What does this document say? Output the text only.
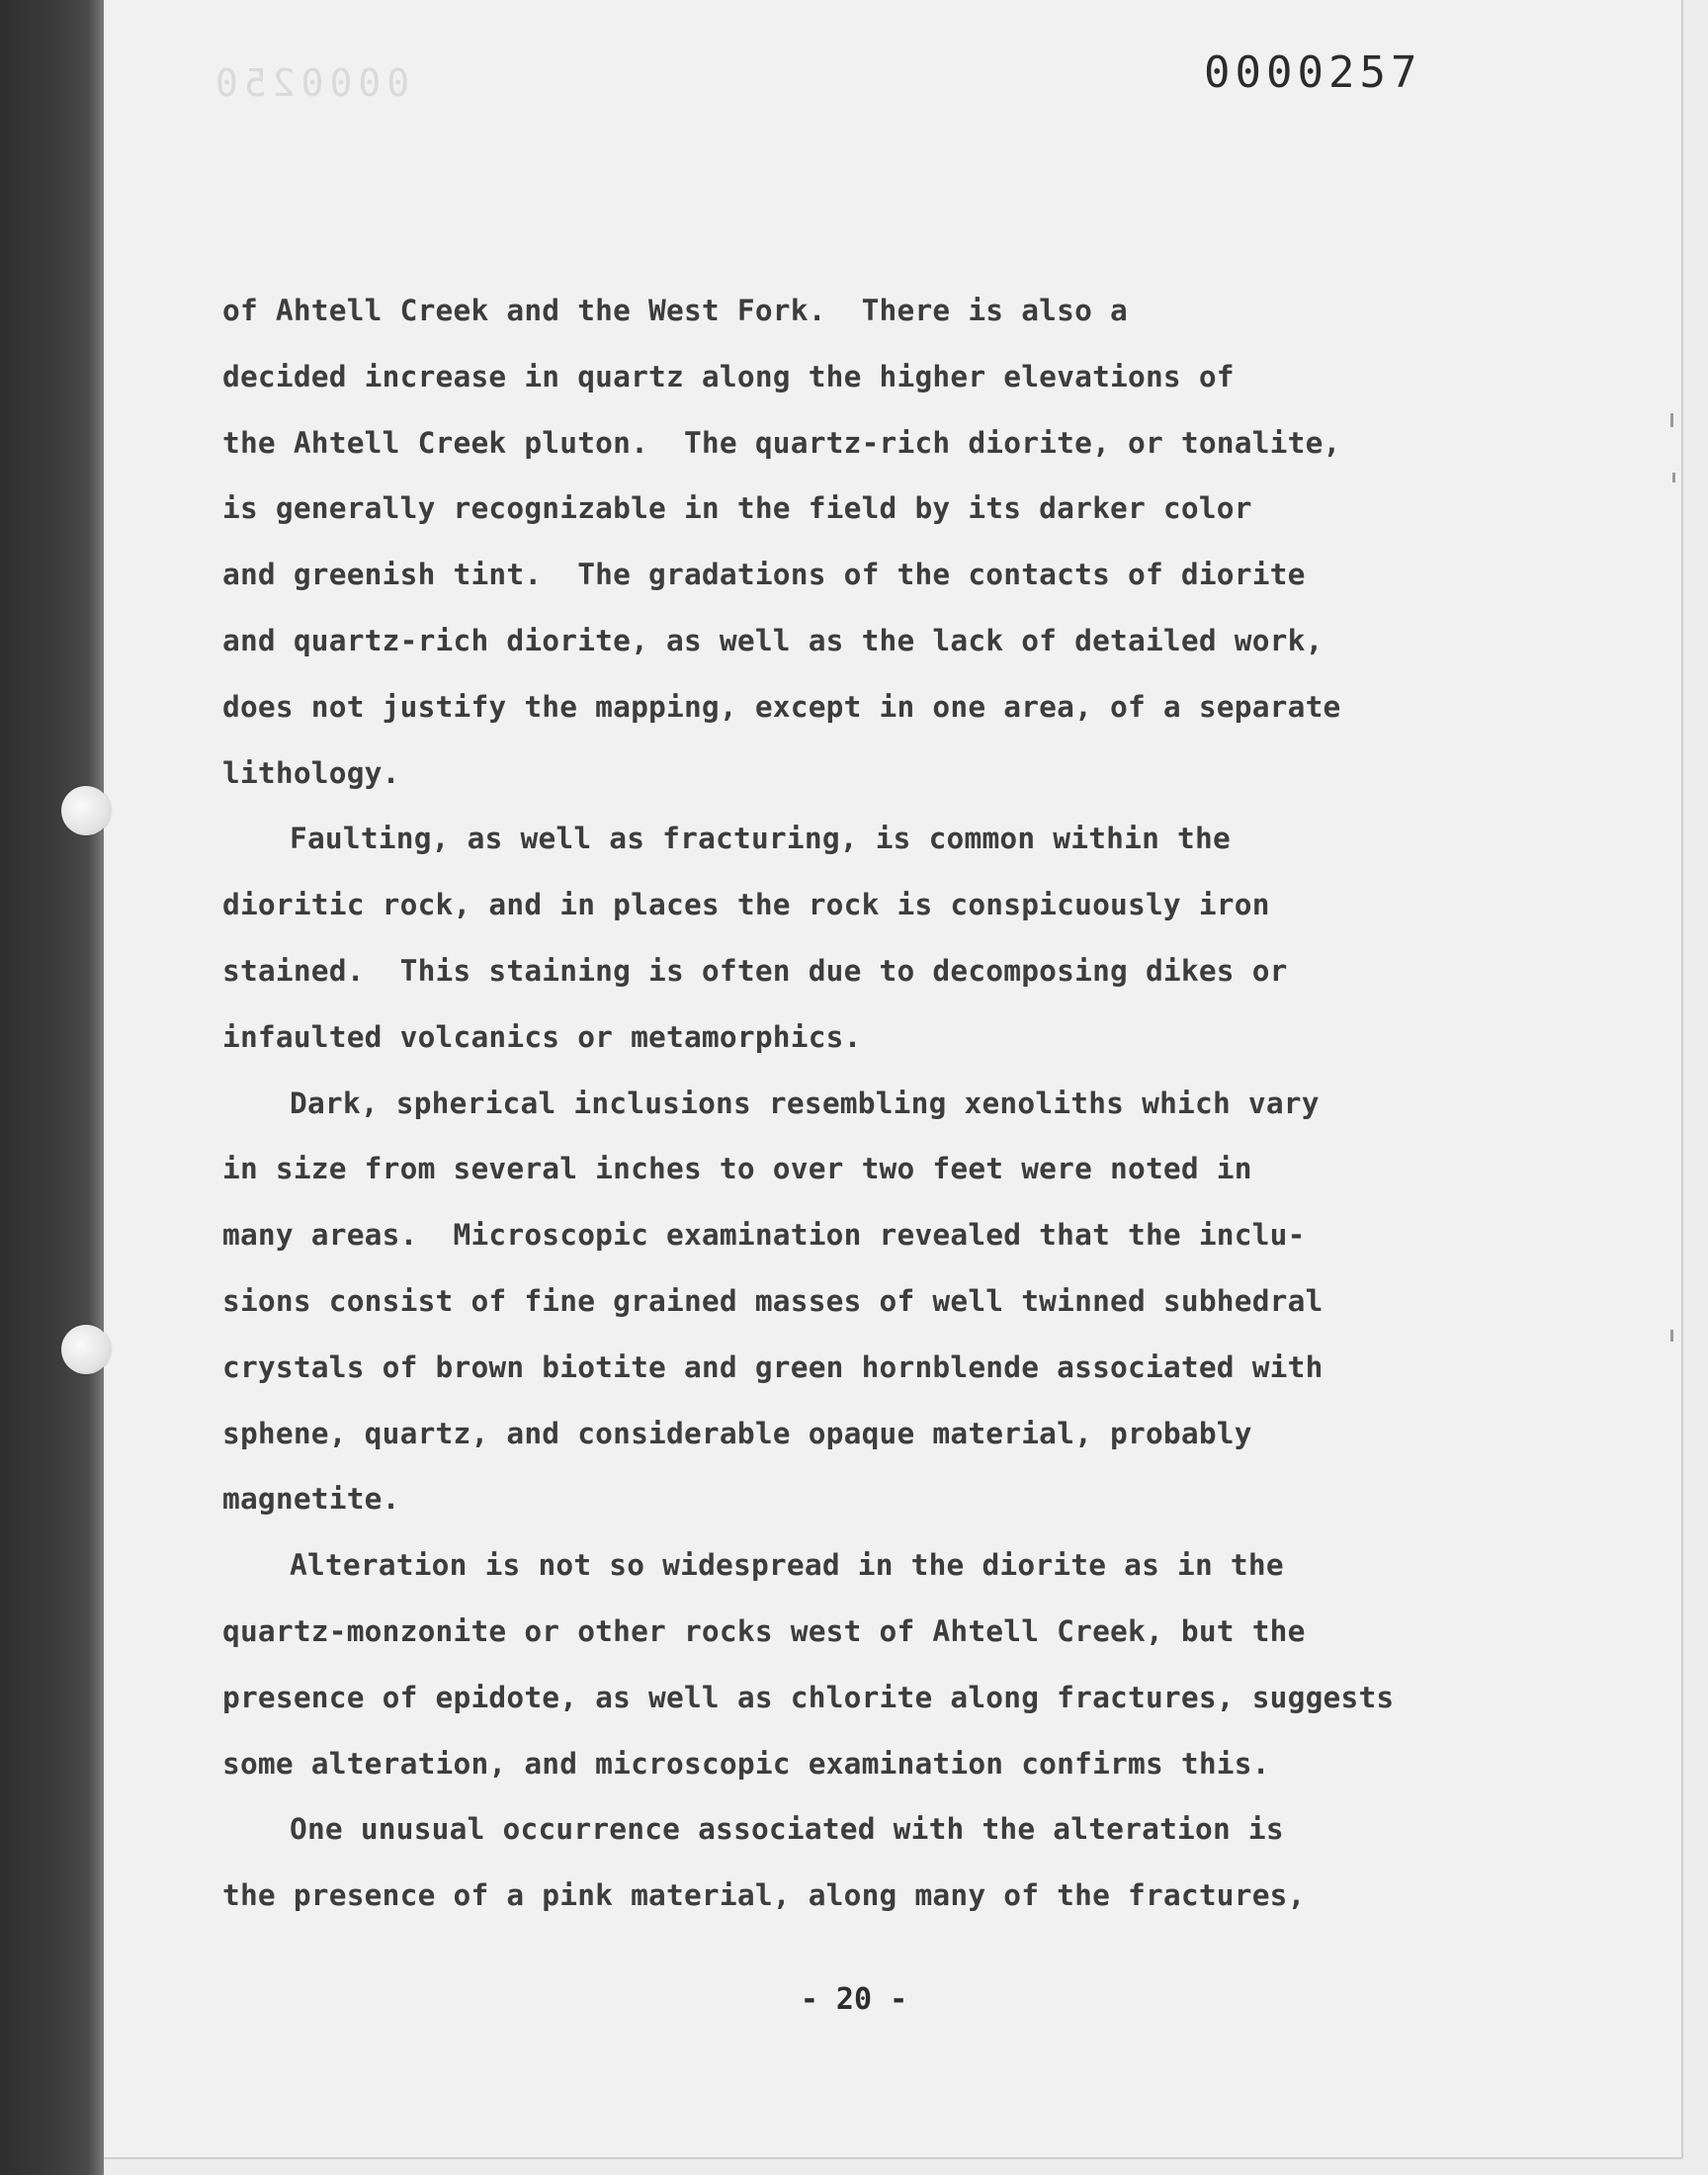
0000250	0000257
of Ahtell Creek and the West Fork.  There is also a
decided increase in quartz along the higher elevations of
the Ahtell Creek pluton.  The quartz-rich diorite, or tonalite,
is generally recognizable in the field by its darker color
and greenish tint.  The gradations of the contacts of diorite
and quartz-rich diorite, as well as the lack of detailed work,
does not justify the mapping, except in one area, of a separate
lithology.
Faulting, as well as fracturing, is common within the
dioritic rock, and in places the rock is conspicuously iron
stained.  This staining is often due to decomposing dikes or
infaulted volcanics or metamorphics.
Dark, spherical inclusions resembling xenoliths which vary
in size from several inches to over two feet were noted in
many areas.  Microscopic examination revealed that the inclu-
sions consist of fine grained masses of well twinned subhedral
crystals of brown biotite and green hornblende associated with
sphene, quartz, and considerable opaque material, probably
magnetite.
Alteration is not so widespread in the diorite as in the
quartz-monzonite or other rocks west of Ahtell Creek, but the
presence of epidote, as well as chlorite along fractures, suggests
some alteration, and microscopic examination confirms this.
One unusual occurrence associated with the alteration is
the presence of a pink material, along many of the fractures,
- 20 -
